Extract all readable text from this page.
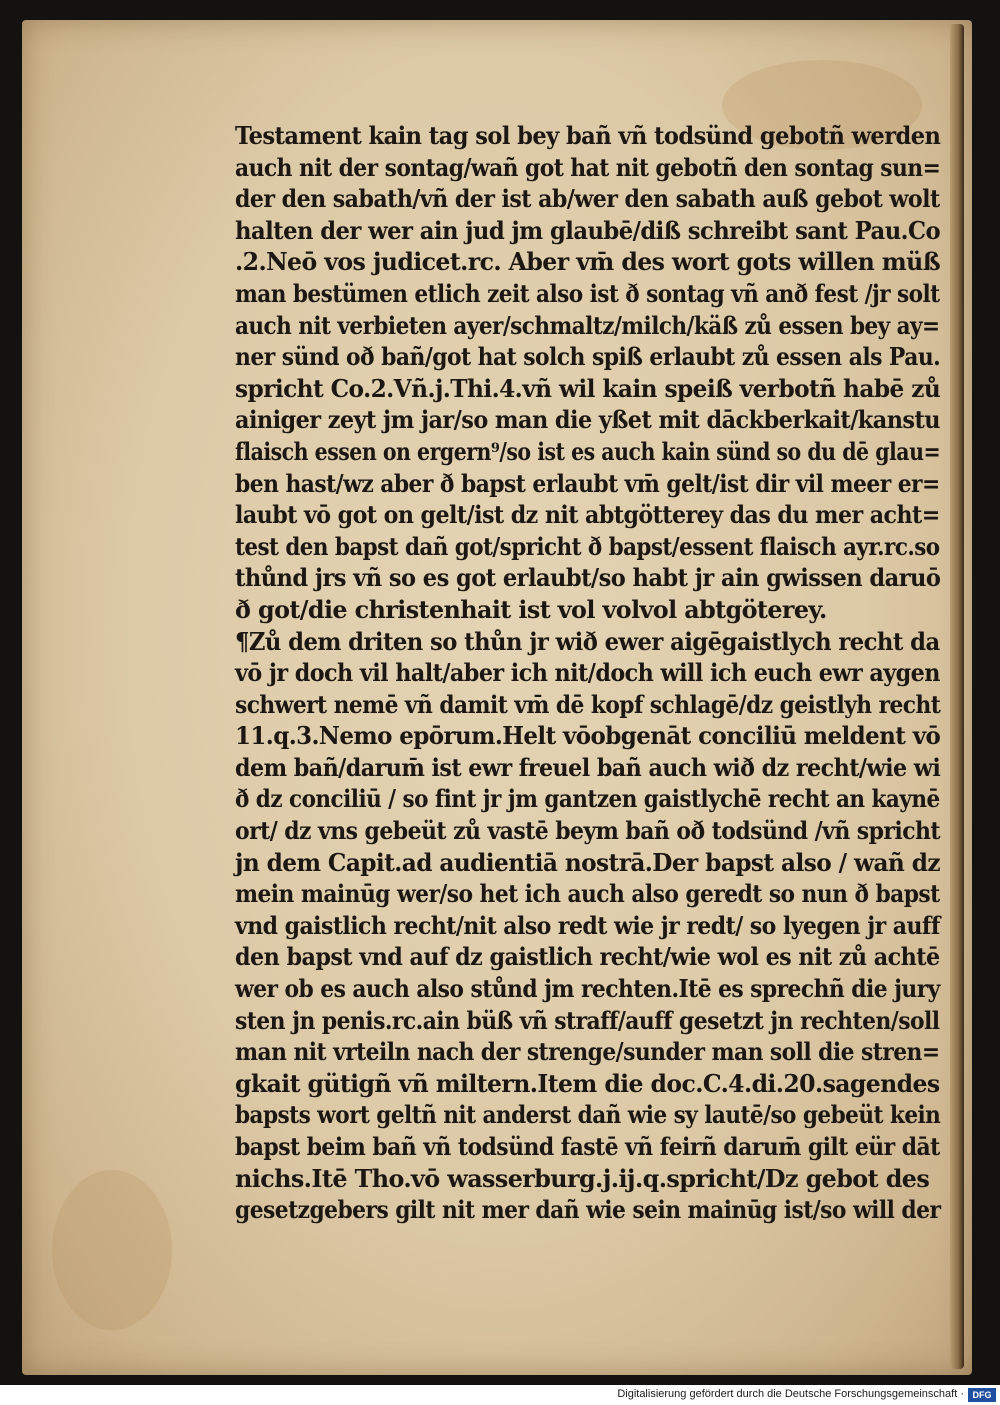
Testament kain tag sol bey bañ vñ todsünd gebotñ werden
auch nit der sontag/wañ got hat nit gebotñ den sontag sun=
der den sabath/vñ der ist ab/wer den sabath auß gebot wolt
halten der wer ain jud jm glaubē/diß schreibt sant Pau.Co
.2.Neō vos judicet.rc. Aber vm̄ des wort gots willen müß
man bestümen etlich zeit also ist ð sontag vñ anð fest /jr solt
auch nit verbieten ayer/schmaltz/milch/käß zů essen bey ay=
ner sünd oð bañ/got hat solch spiß erlaubt zů essen als Pau.
spricht Co.2.Vñ.j.Thi.4.vñ wil kain speiß verbotñ habē zů
ainiger zeyt jm jar/so man die yßet mit dāckberkait/kanstu
flaisch essen on ergern⁹/so ist es auch kain sünd so du dē glau=
ben hast/wz aber ð bapst erlaubt vm̄ gelt/ist dir vil meer er=
laubt vō got on gelt/ist dz nit abtgötterey das du mer acht=
test den bapst dañ got/spricht ð bapst/essent flaisch ayr.rc.so
thůnd jrs vñ so es got erlaubt/so habt jr ain gwissen daruō
ð got/die christenhait ist vol volvol abtgöterey.
¶Zů dem driten so thůn jr wið ewer aigēgaistlych recht da
vō jr doch vil halt/aber ich nit/doch will ich euch ewr aygen
schwert nemē vñ damit vm̄ dē kopf schlagē/dz geistlyh recht
11.q.3.Nemo epōrum.Helt vōobgenāt conciliū meldent vō
dem bañ/darum̄ ist ewr freuel bañ auch wið dz recht/wie wi
ð dz conciliū / so fint jr jm gantzen gaistlychē recht an kaynē
ort/ dz vns gebeüt zů vastē beym bañ oð todsünd /vñ spricht
jn dem Capit.ad audientiā nostrā.Der bapst also / wañ dz
mein mainūg wer/so het ich auch also geredt so nun ð bapst
vnd gaistlich recht/nit also redt wie jr redt/ so lyegen jr auff
den bapst vnd auf dz gaistlich recht/wie wol es nit zů achtē
wer ob es auch also stůnd jm rechten.Itē es sprechñ die jury
sten jn penis.rc.ain büß vñ straff/auff gesetzt jn rechten/soll
man nit vrteiln nach der strenge/sunder man soll die stren=
gkait gütigñ vñ miltern.Item die doc.C.4.di.20.sagendes
bapsts wort geltñ nit anderst dañ wie sy lautē/so gebeüt kein
bapst beim bañ vñ todsünd fastē vñ feirñ darum̄ gilt eür dāt
nichs.Itē Tho.vō wasserburg.j.ij.q.spricht/Dz gebot des
gesetzgebers gilt nit mer dañ wie sein mainūg ist/so will der
Digitalisierung gefördert durch die Deutsche Forschungsgemeinschaft · DFG
